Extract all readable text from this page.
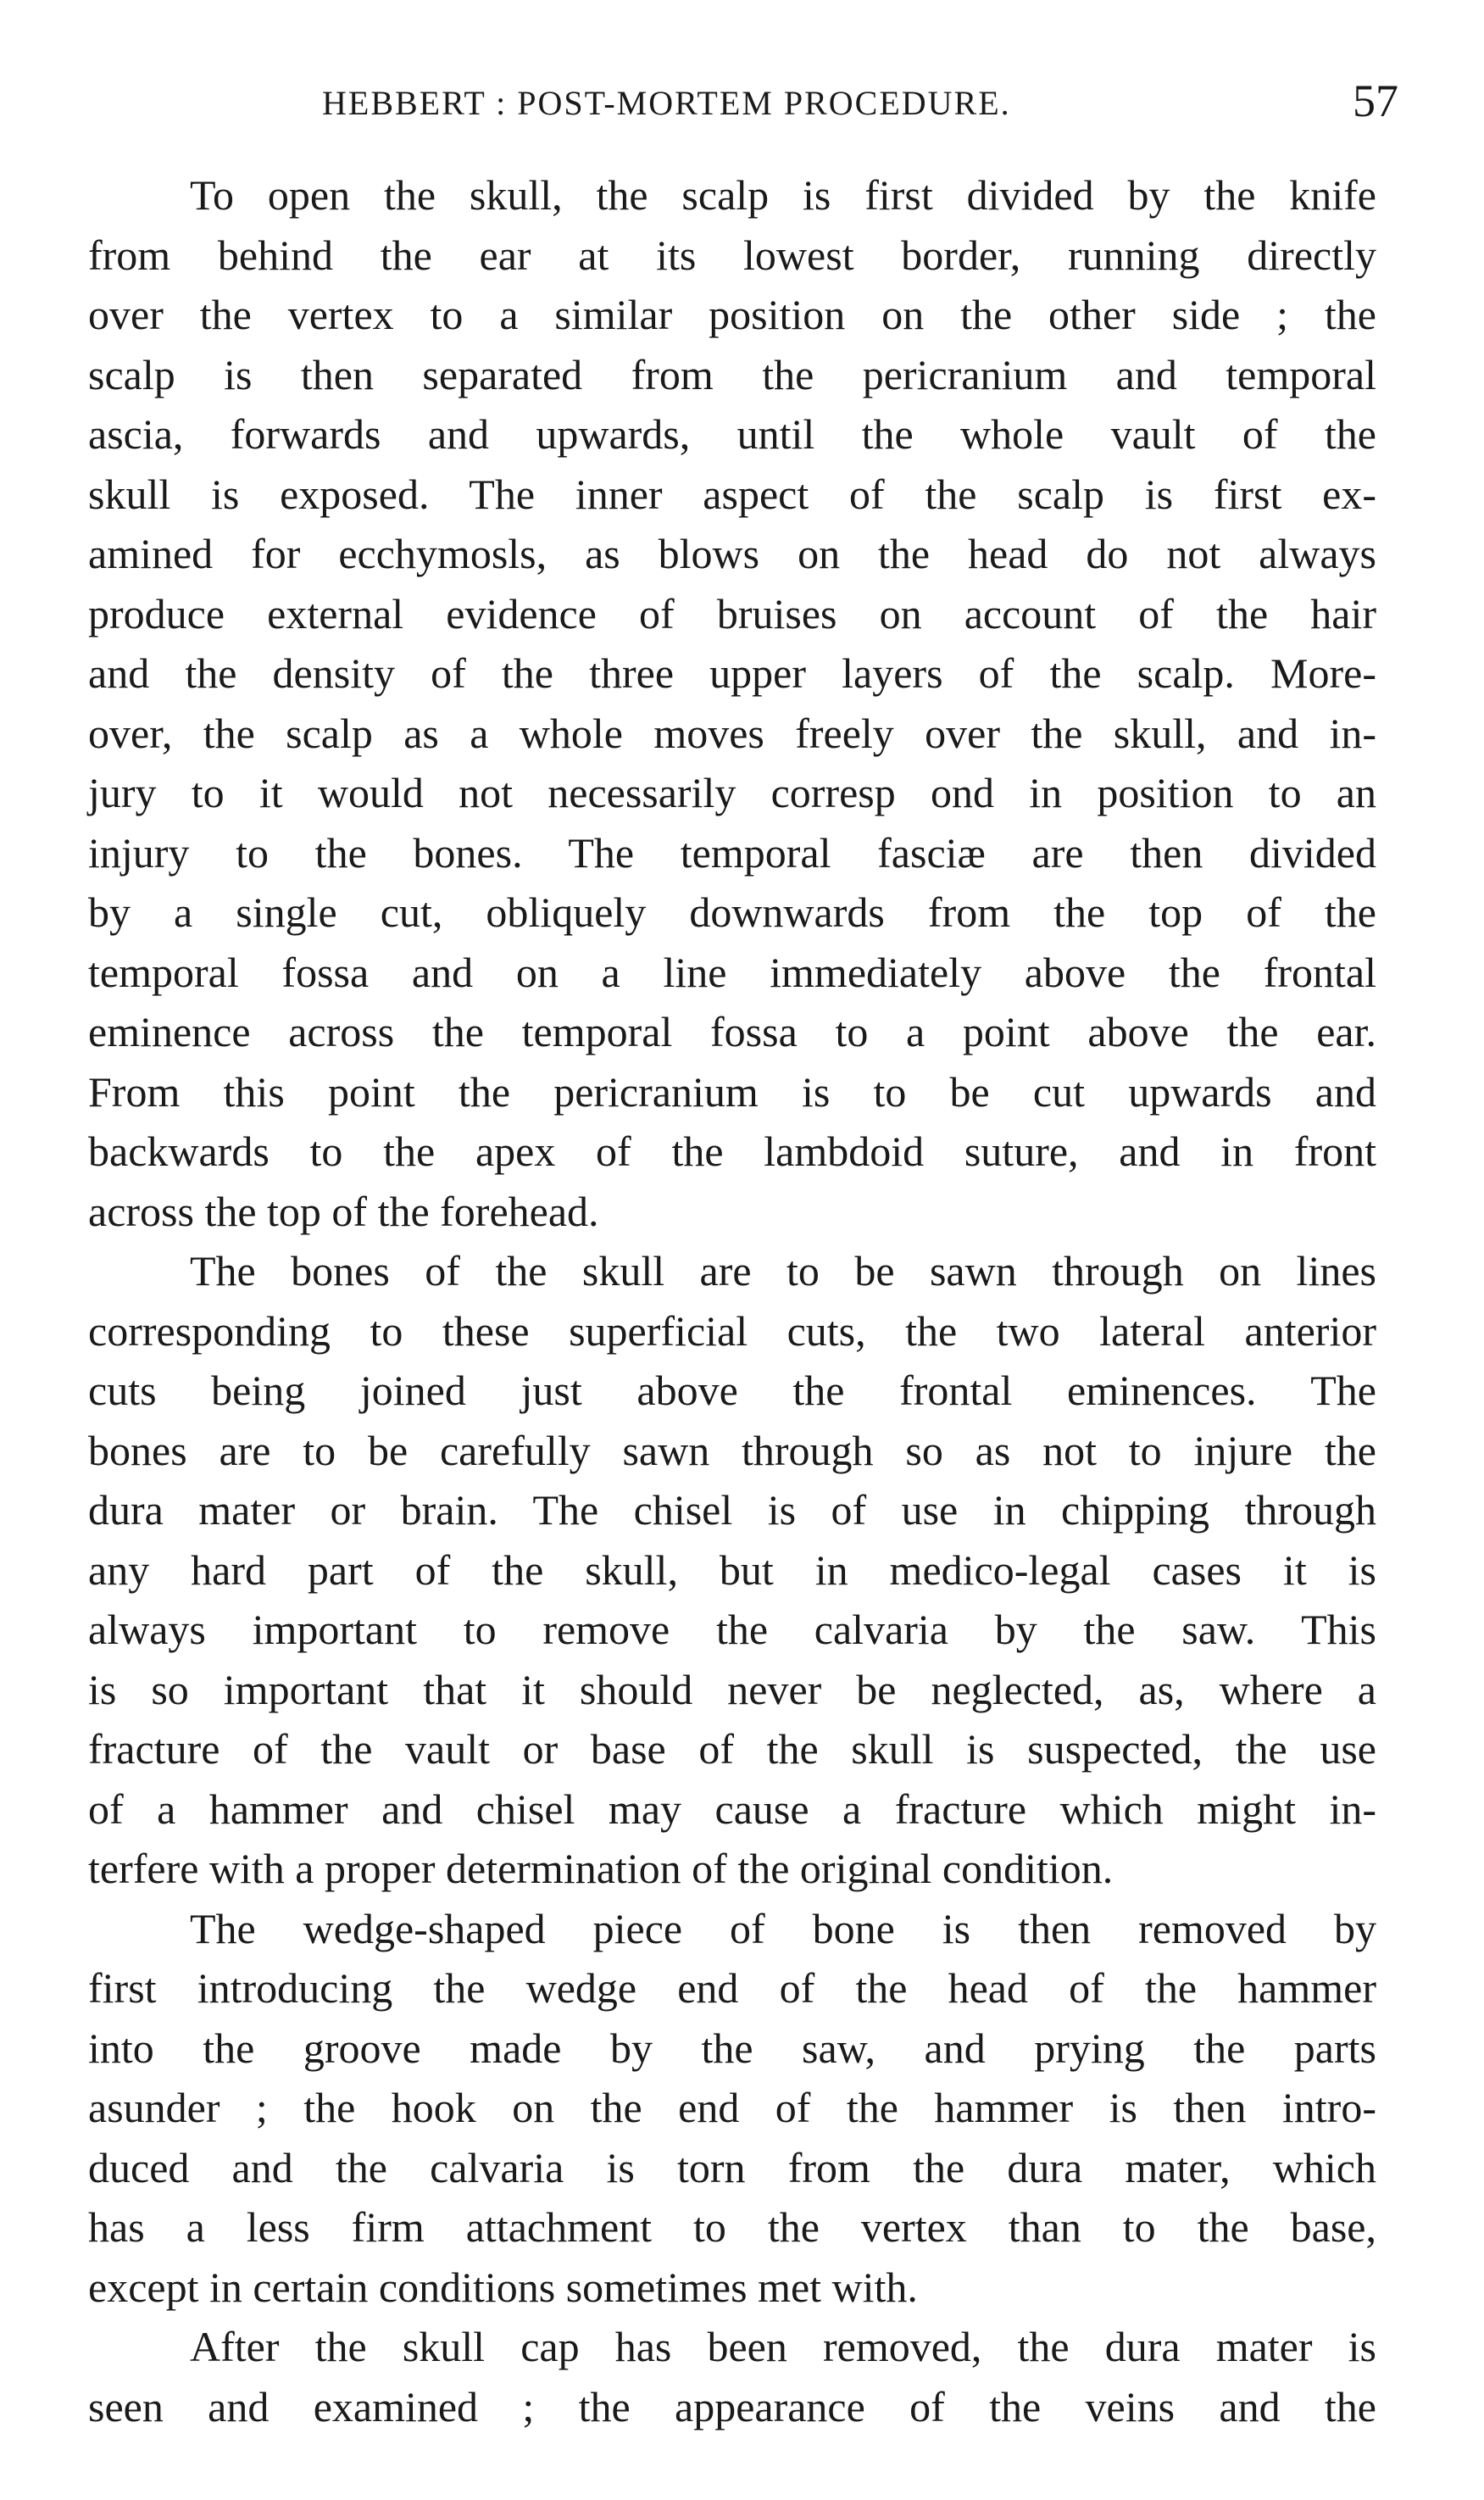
HEBBERT : POST-MORTEM PROCEDURE.	57
To open the skull, the scalp is first divided by the knife
from behind the ear at its lowest border, running directly
over the vertex to a similar position on the other side ; the
scalp is then separated from the pericranium and temporal
ascia, forwards and upwards, until the whole vault of the
skull is exposed. The inner aspect of the scalp is first ex-
amined for ecchymosls, as blows on the head do not always
produce external evidence of bruises on account of the hair
and the density of the three upper layers of the scalp. More-
over, the scalp as a whole moves freely over the skull, and in-
jury to it would not necessarily corresp ond in position to an
injury to the bones. The temporal fasciæ are then divided
by a single cut, obliquely downwards from the top of the
temporal fossa and on a line immediately above the frontal
eminence across the temporal fossa to a point above the ear.
From this point the pericranium is to be cut upwards and
backwards to the apex of the lambdoid suture, and in front
across the top of the forehead.
The bones of the skull are to be sawn through on lines
corresponding to these superficial cuts, the two lateral anterior
cuts being joined just above the frontal eminences. The
bones are to be carefully sawn through so as not to injure the
dura mater or brain. The chisel is of use in chipping through
any hard part of the skull, but in medico-legal cases it is
always important to remove the calvaria by the saw. This
is so important that it should never be neglected, as, where a
fracture of the vault or base of the skull is suspected, the use
of a hammer and chisel may cause a fracture which might in-
terfere with a proper determination of the original condition.
The wedge-shaped piece of bone is then removed by
first introducing the wedge end of the head of the hammer
into the groove made by the saw, and prying the parts
asunder ; the hook on the end of the hammer is then intro-
duced and the calvaria is torn from the dura mater, which
has a less firm attachment to the vertex than to the base,
except in certain conditions sometimes met with.
After the skull cap has been removed, the dura mater is
seen and examined ; the appearance of the veins and the
